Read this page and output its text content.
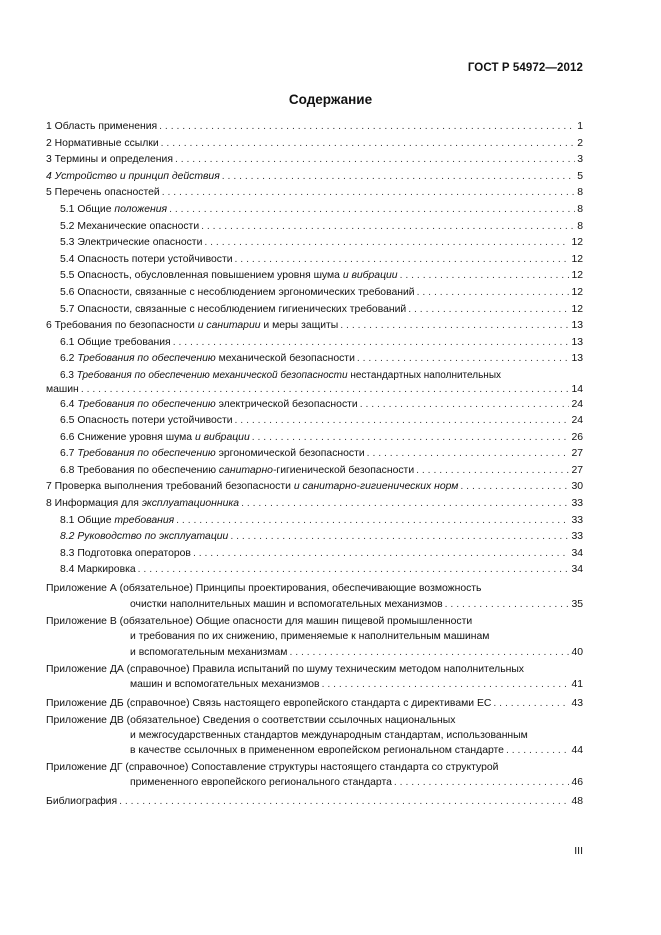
ГОСТ Р 54972—2012
Содержание
1 Область применения . . .	1
2 Нормативные ссылки . . .	2
3 Термины и определения . . .	3
4 Устройство и принцип действия . . .	5
5 Перечень опасностей . . .	8
5.1 Общие положения . . .	8
5.2 Механические опасности . . .	8
5.3 Электрические опасности . . .	12
5.4 Опасность потери устойчивости . . .	12
5.5 Опасность, обусловленная повышением уровня шума и вибрации . . .	12
5.6 Опасности, связанные с несоблюдением эргономических требований . . .	12
5.7 Опасности, связанные с несоблюдением гигиенических требований . . .	12
6 Требования по безопасности и санитарии и меры защиты . . .	13
6.1 Общие требования . . .	13
6.2 Требования по обеспечению механической безопасности . . .	13
6.3 Требования по обеспечению механической безопасности нестандартных наполнительных
машин . . .	14
6.4 Требования по обеспечению электрической безопасности . . .	24
6.5 Опасность потери устойчивости . . .	24
6.6 Снижение уровня шума и вибрации . . .	26
6.7 Требования по обеспечению эргономической безопасности . . .	27
6.8 Требования по обеспечению санитарно-гигиенической безопасности . . .	27
7 Проверка выполнения требований безопасности и санитарно-гигиенических норм . . .	30
8 Информация для эксплуатационника . . .	33
8.1 Общие требования . . .	33
8.2 Руководство по эксплуатации . . .	33
8.3 Подготовка операторов . . .	34
8.4 Маркировка . . .	34
Приложение А (обязательное) Принципы проектирования, обеспечивающие возможность
очистки наполнительных машин и вспомогательных механизмов . . .	35
Приложение В (обязательное) Общие опасности для машин пищевой промышленности
и требования по их снижению, применяемые к наполнительным машинам
и вспомогательным механизмам . . .	40
Приложение ДА (справочное) Правила испытаний по шуму техническим методом наполнительных
машин и вспомогательных механизмов . . .	41
Приложение ДБ (справочное) Связь настоящего европейского стандарта с директивами ЕС . . .	43
Приложение ДВ (обязательное) Сведения о соответствии ссылочных национальных
и межгосударственных стандартов международным стандартам, использованным
в качестве ссылочных в примененном европейском региональном стандарте . . .	44
Приложение ДГ (справочное) Сопоставление структуры настоящего стандарта со структурой
примененного европейского регионального стандарта . . .	46
Библиография . . .	48
III
